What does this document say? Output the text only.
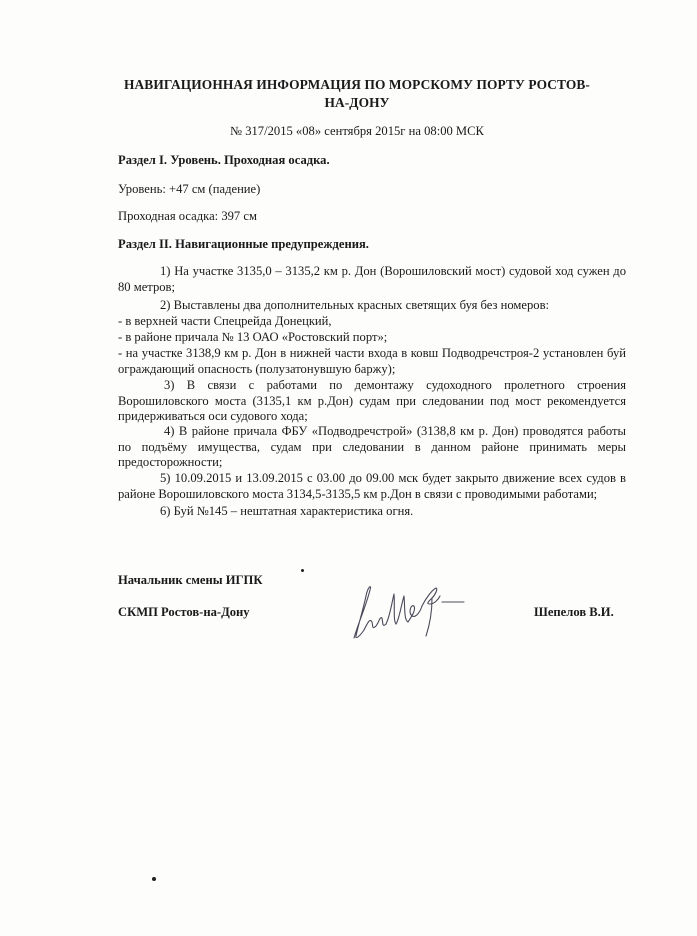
НАВИГАЦИОННАЯ ИНФОРМАЦИЯ ПО МОРСКОМУ ПОРТУ РОСТОВ-НА-ДОНУ
№ 317/2015 «08» сентября 2015г на 08:00 МСК
Раздел I. Уровень. Проходная осадка.
Уровень: +47 см (падение)
Проходная осадка: 397 см
Раздел II. Навигационные предупреждения.
1) На участке 3135,0 – 3135,2 км р. Дон (Ворошиловский мост) судовой ход сужен до 80 метров;
2) Выставлены два дополнительных красных светящих буя без номеров:
- в верхней части Спецрейда Донецкий,
- в районе причала № 13 ОАО «Ростовский порт»;
- на участке 3138,9 км р. Дон в нижней части входа в ковш Подводречстроя-2 установлен буй ограждающий опасность (полузатонувшую баржу);
3) В связи с работами по демонтажу судоходного пролетного строения Ворошиловского моста (3135,1 км р.Дон) судам при следовании под мост рекомендуется придерживаться оси судового хода;
4) В районе причала ФБУ «Подводречстрой» (3138,8 км р. Дон) проводятся работы по подъёму имущества, судам при следовании в данном районе принимать меры предосторожности;
5) 10.09.2015 и 13.09.2015 с 03.00 до 09.00 мск будет закрыто движение всех судов в районе Ворошиловского моста 3134,5-3135,5 км р.Дон в связи с проводимыми работами;
6) Буй №145 – нештатная характеристика огня.
Начальник смены ИГПК
СКМП Ростов-на-Дону	Шепелов В.И.
